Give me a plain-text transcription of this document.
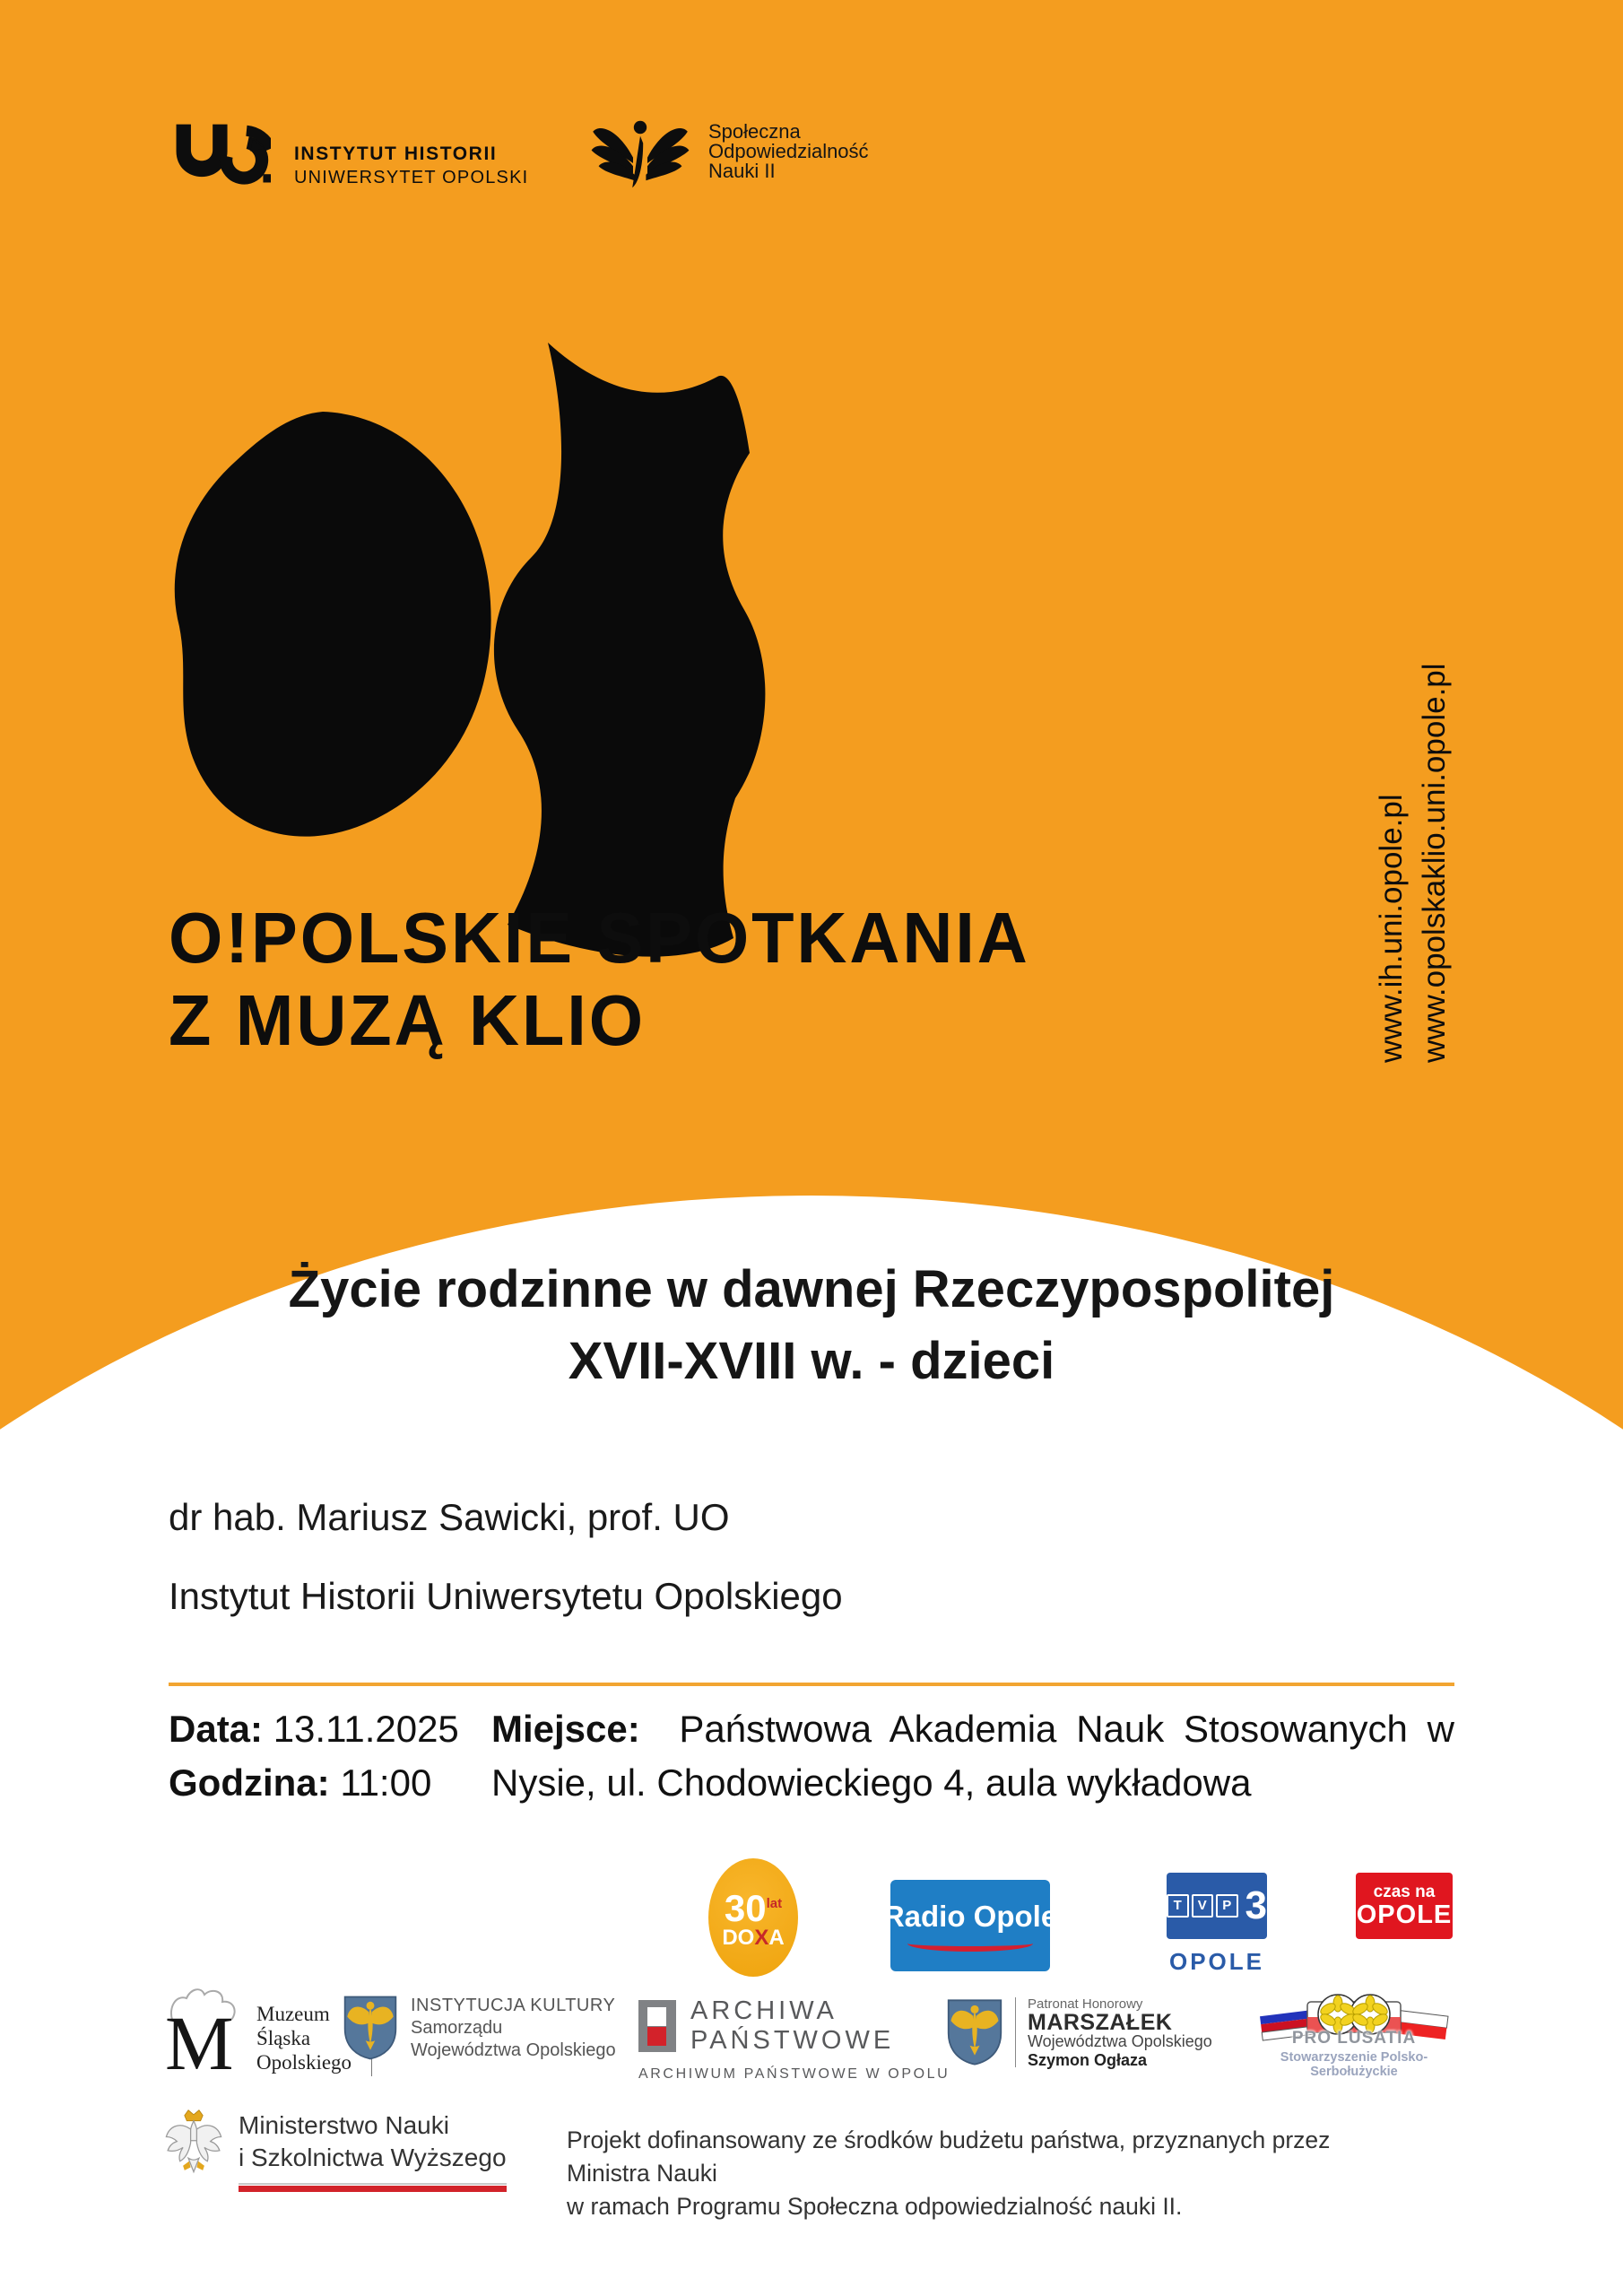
INSTYTUT HISTORII
UNIWERSYTET OPOLSKI
Społeczna
Odpowiedzialność
Nauki II
O!POLSKIE SPOTKANIA
Z MUZĄ KLIO	www.ih.uni.opole.pl www.opolskaklio.uni.opole.pl
Życie rodzinne w dawnej Rzeczypospolitej
XVII-XVIII w. - dzieci

dr hab. Mariusz Sawicki, prof. UO

Instytut Historii Uniwersytetu Opolskiego

Data: 13.11.2025
Godzina: 11:00

Miejsce: Państwowa Akademia Nauk Stosowanych w Nysie, ul. Chodowieckiego 4, aula wykładowa

$30^{lat}$
DOXA
Radio Opole	T	V	P 3
OPOLE
czas na
OPOLE
M Muzeum
Śląska
Opolskiego
INSTYTUCJA KULTURY
Samorządu
Województwa Opolskiego
ARCHIWA
PAŃSTWOWE
ARCHIWUM PAŃSTWOWE W OPOLU
Patronat Honorowy
MARSZAŁEK
Województwa Opolskiego
Szymon Ogłaza
PRO LUSATIA
Stowarzyszenie Polsko-Serbołużyckie
Ministerstwo Nauki
i Szkolnictwa Wyższego

Projekt dofinansowany ze środków budżetu państwa, przyznanych przez Ministra Nauki

w ramach Programu Społeczna odpowiedzialność nauki II.
